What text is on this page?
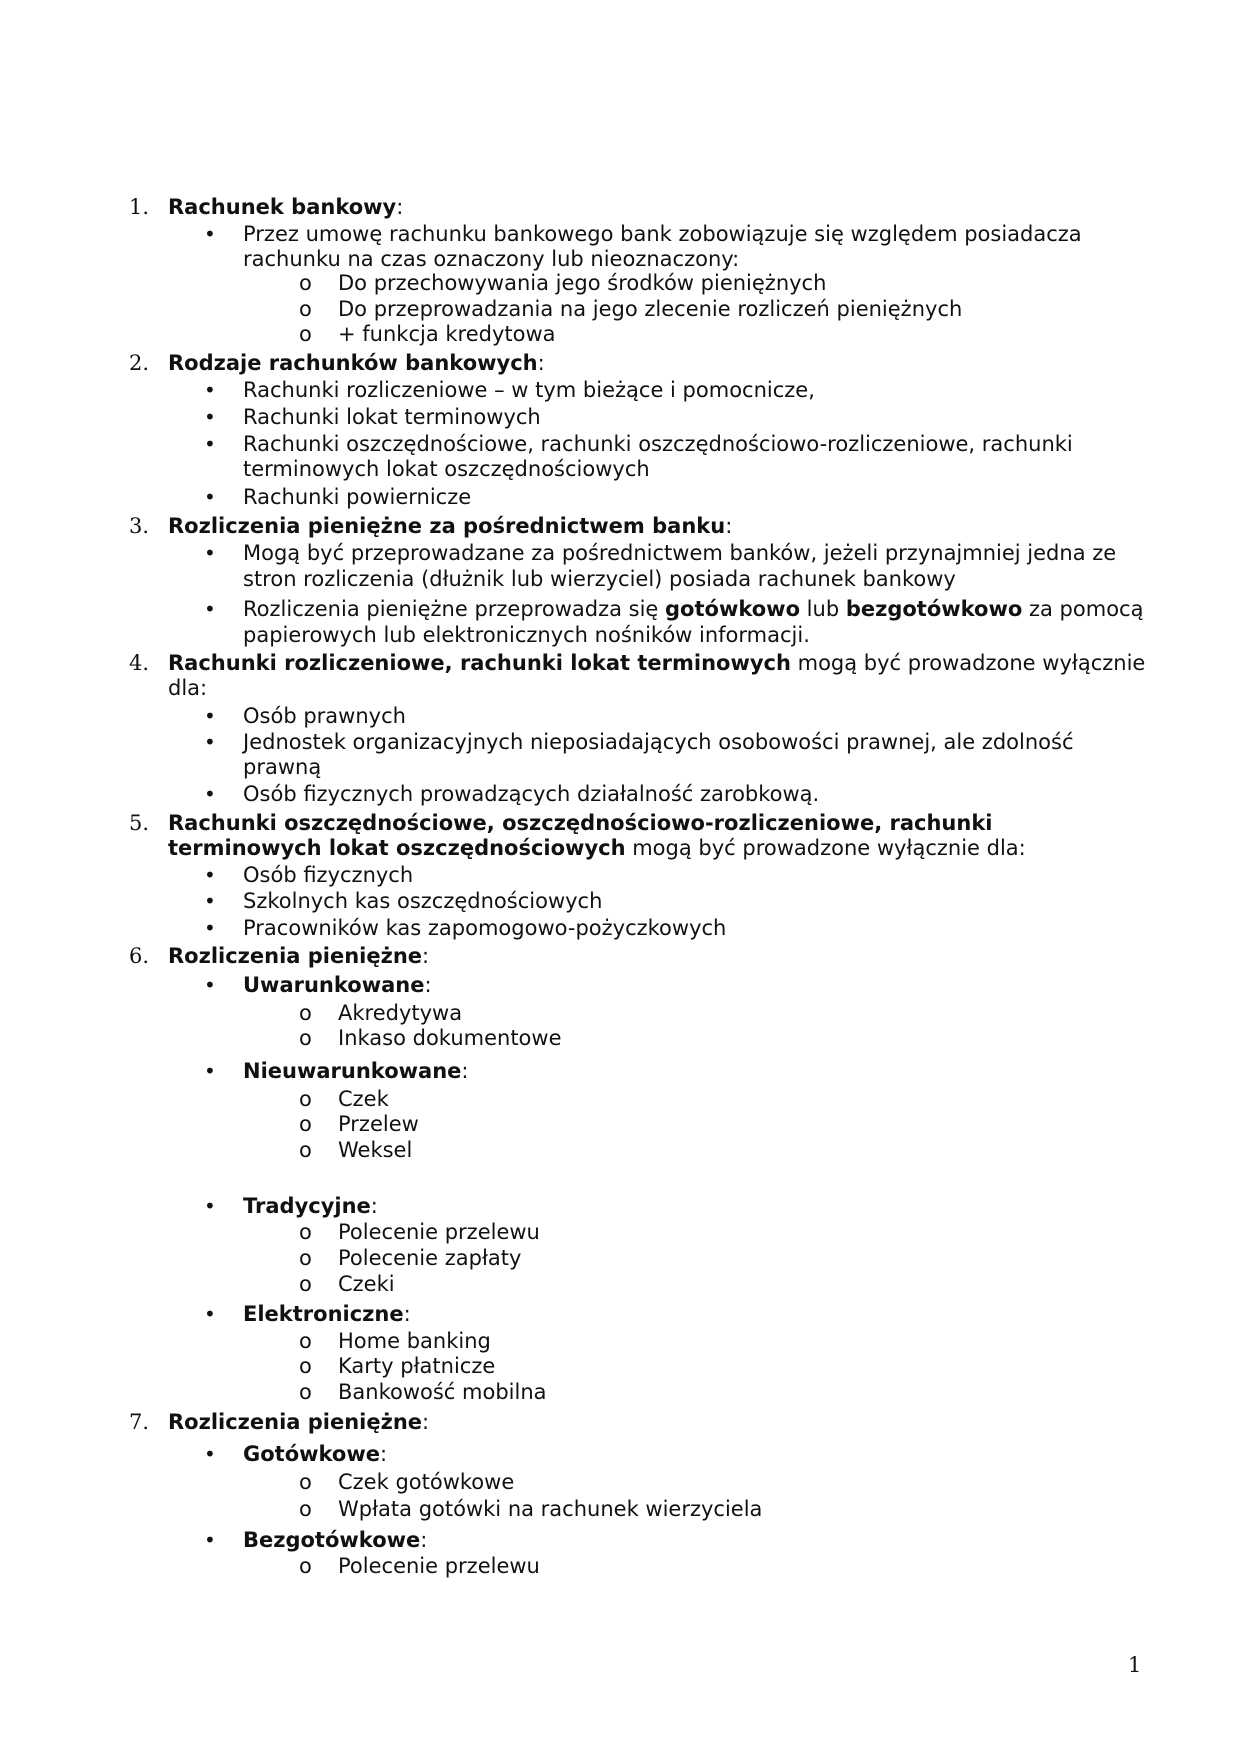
1. Rachunek bankowy:
• Przez umowę rachunku bankowego bank zobowiązuje się względem posiadacza
rachunku na czas oznaczony lub nieoznaczony:
o Do przechowywania jego środków pieniężnych
o Do przeprowadzania na jego zlecenie rozliczeń pieniężnych
o + funkcja kredytowa
2. Rodzaje rachunków bankowych:
• Rachunki rozliczeniowe – w tym bieżące i pomocnicze,
• Rachunki lokat terminowych
• Rachunki oszczędnościowe, rachunki oszczędnościowo-rozliczeniowe, rachunki
terminowych lokat oszczędnościowych
• Rachunki powiernicze
3. Rozliczenia pieniężne za pośrednictwem banku:
• Mogą być przeprowadzane za pośrednictwem banków, jeżeli przynajmniej jedna ze
stron rozliczenia (dłużnik lub wierzyciel) posiada rachunek bankowy
• Rozliczenia pieniężne przeprowadza się gotówkowo lub bezgotówkowo za pomocą
papierowych lub elektronicznych nośników informacji.
4. Rachunki rozliczeniowe, rachunki lokat terminowych mogą być prowadzone wyłącznie
dla:
• Osób prawnych
• Jednostek organizacyjnych nieposiadających osobowości prawnej, ale zdolność
prawną
• Osób fizycznych prowadzących działalność zarobkową.
5. Rachunki oszczędnościowe, oszczędnościowo-rozliczeniowe, rachunki
terminowych lokat oszczędnościowych mogą być prowadzone wyłącznie dla:
• Osób fizycznych
• Szkolnych kas oszczędnościowych
• Pracowników kas zapomogowo-pożyczkowych
6. Rozliczenia pieniężne:
• Uwarunkowane:
o Akredytywa
o Inkaso dokumentowe
• Nieuwarunkowane:
o Czek
o Przelew
o Weksel
• Tradycyjne:
o Polecenie przelewu
o Polecenie zapłaty
o Czeki
• Elektroniczne:
o Home banking
o Karty płatnicze
o Bankowość mobilna
7. Rozliczenia pieniężne:
• Gotówkowe:
o Czek gotówkowe
o Wpłata gotówki na rachunek wierzyciela
• Bezgotówkowe:
o Polecenie przelewu
1
